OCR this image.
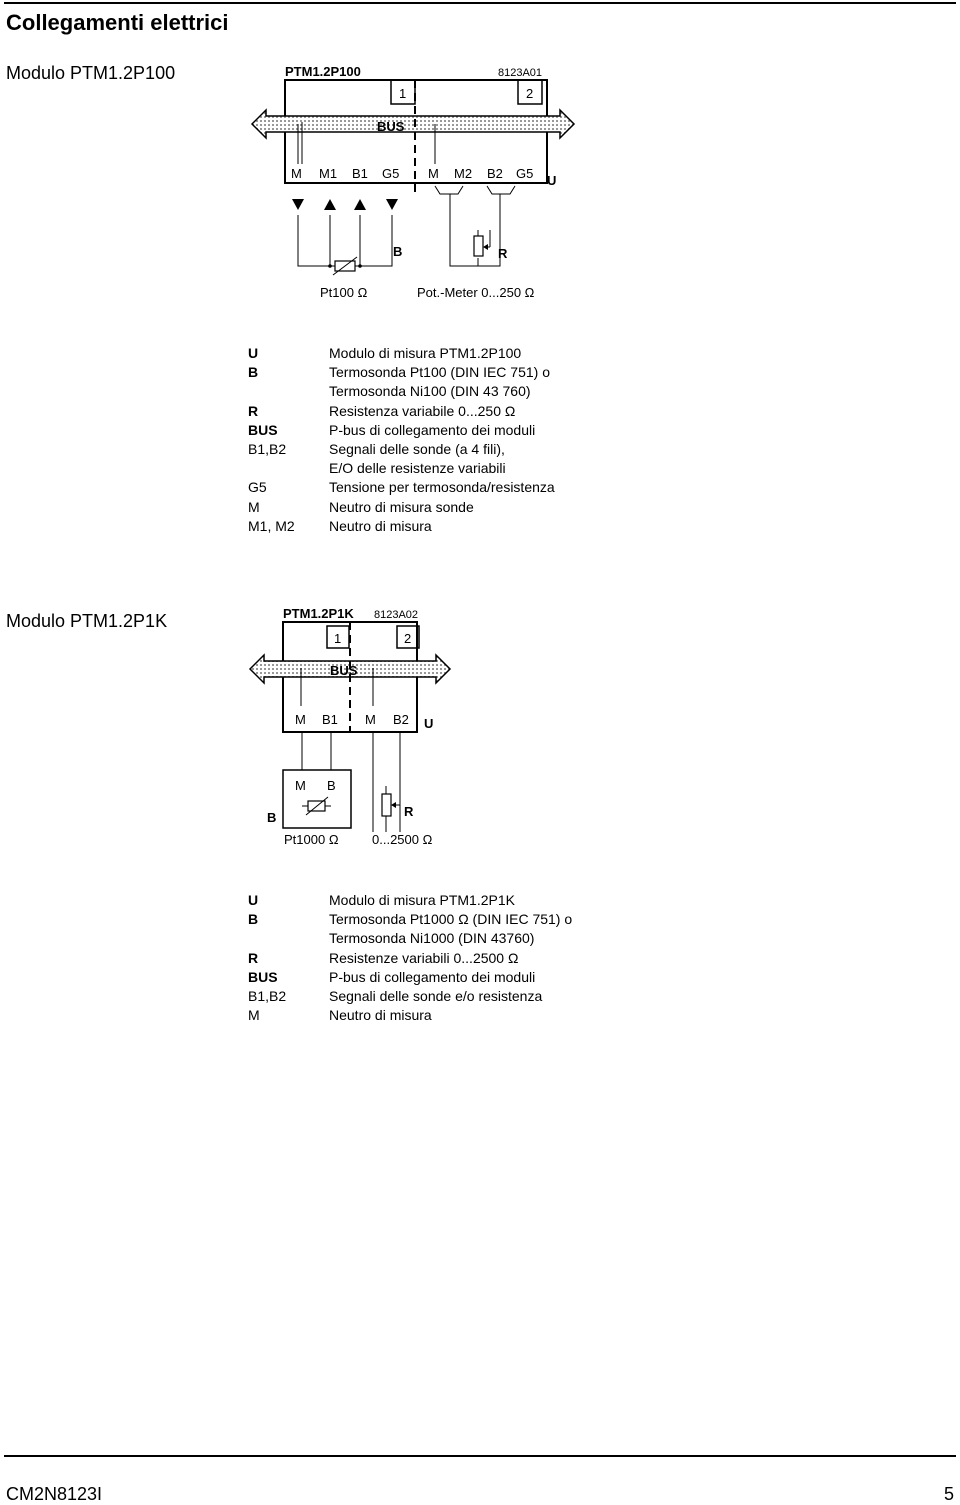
Collegamenti elettrici
Modulo PTM1.2P100	PTM1.2P100	8123A01
1	2
BUS
M M1 B1 G5 M M2 B2 G5 U
B
Pt100 Ω
R
Pot.-Meter 0...250 Ω
U	Modulo di misura PTM1.2P100
B	Termosonda Pt100 (DIN IEC 751) o
Termosonda Ni100 (DIN 43 760)
R	Resistenza variabile 0...250 Ω
BUS	P-bus di collegamento dei moduli
B1,B2	Segnali delle sonde (a 4 fili),
E/O delle resistenze variabili
G5	Tensione per termosonda/resistenza
M	Neutro di misura sonde
M1, M2	Neutro di misura
Modulo PTM1.2P1K	PTM1.2P1K 8123A02
1	2
BUS
M B1 M B2 U
M B
B
Pt1000 Ω
R
0...2500 Ω
U	Modulo di misura PTM1.2P1K
B	Termosonda Pt1000 Ω (DIN IEC 751) o
Termosonda Ni1000 (DIN 43760)
R	Resistenze variabili 0...2500 Ω
BUS	P-bus di collegamento dei moduli
B1,B2	Segnali delle sonde e/o resistenza
M	Neutro di misura
CM2N8123I	5
